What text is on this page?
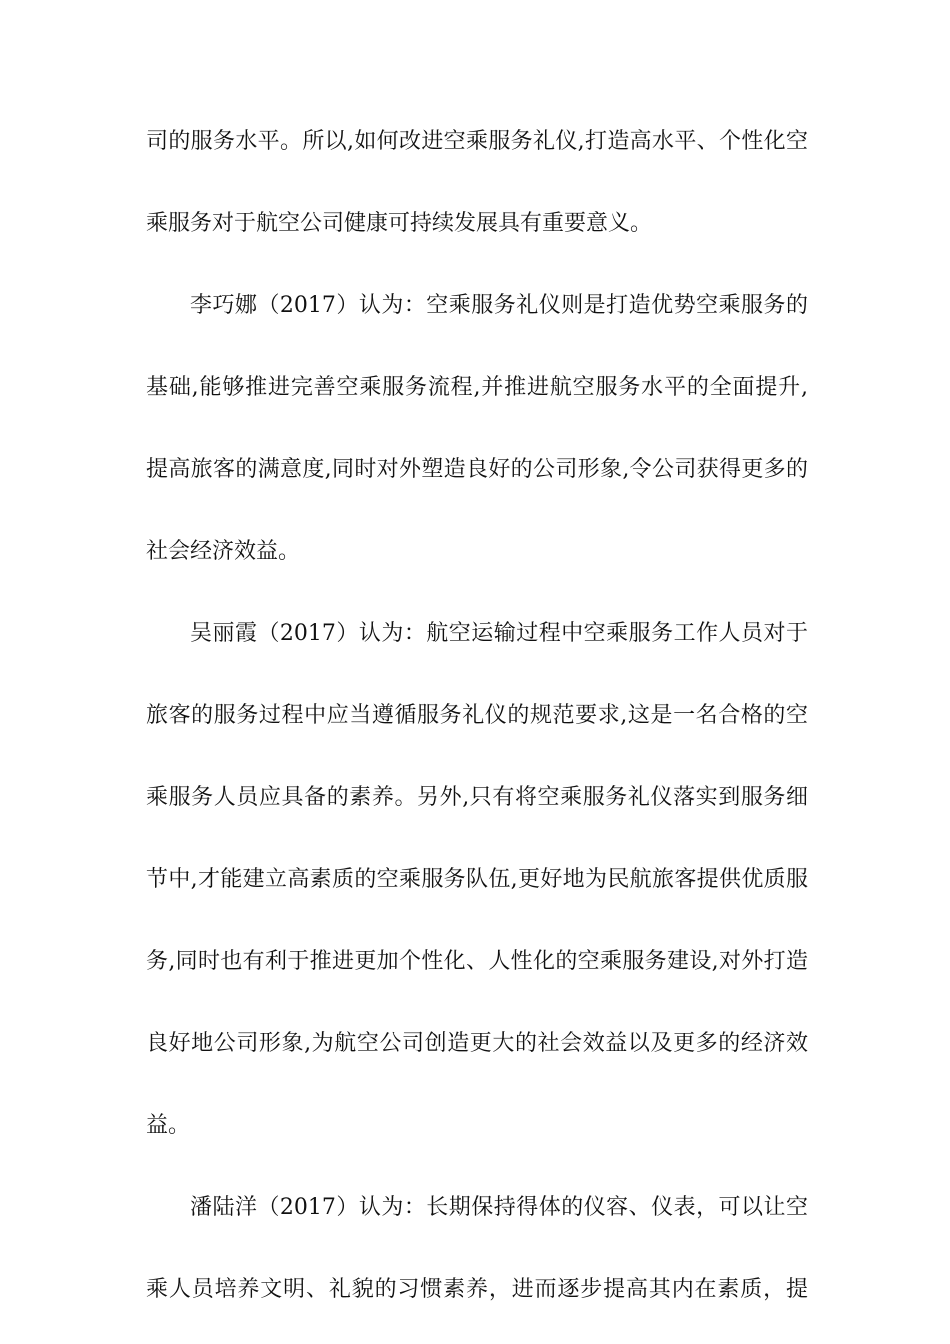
司的服务水平。所以,如何改进空乘服务礼仪,打造高水平、个性化空
乘服务对于航空公司健康可持续发展具有重要意义。
李巧娜（2017）认为：空乘服务礼仪则是打造优势空乘服务的
基础,能够推进完善空乘服务流程,并推进航空服务水平的全面提升,
提高旅客的满意度,同时对外塑造良好的公司形象,令公司获得更多的
社会经济效益。
吴丽霞（2017）认为：航空运输过程中空乘服务工作人员对于
旅客的服务过程中应当遵循服务礼仪的规范要求,这是一名合格的空
乘服务人员应具备的素养。另外,只有将空乘服务礼仪落实到服务细
节中,才能建立高素质的空乘服务队伍,更好地为民航旅客提供优质服
务,同时也有利于推进更加个性化、人性化的空乘服务建设,对外打造
良好地公司形象,为航空公司创造更大的社会效益以及更多的经济效
益。
潘陆洋（2017）认为：长期保持得体的仪容、仪表，可以让空
乘人员培养文明、礼貌的习惯素养，进而逐步提高其内在素质，提
